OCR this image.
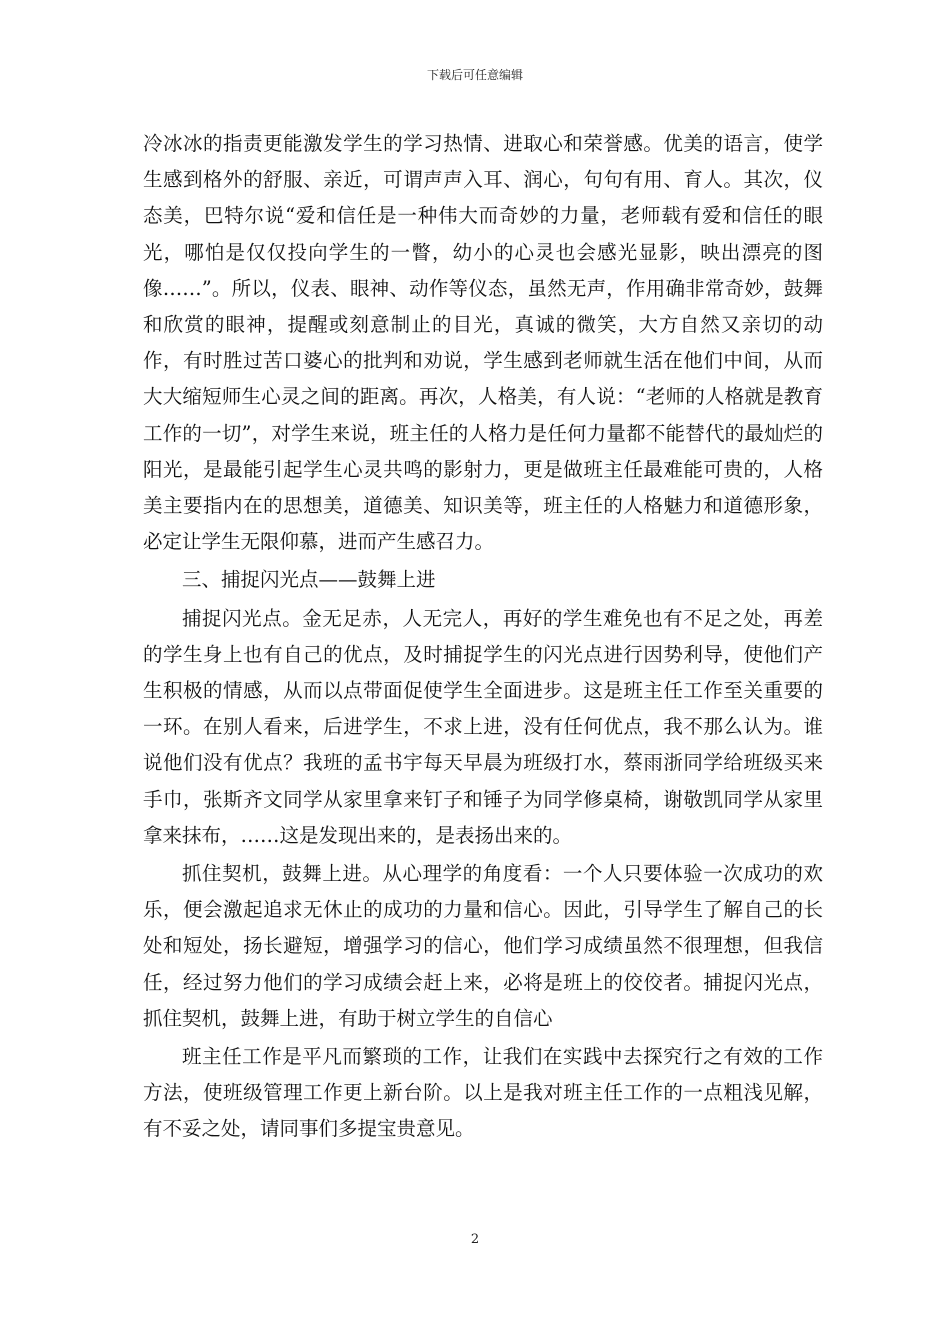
下载后可任意编辑

冷冰冰的指责更能激发学生的学习热情、进取心和荣誉感。优美的语言，使学生感到格外的舒服、亲近，可谓声声入耳、润心，句句有用、育人。其次，仪态美，巴特尔说“爱和信任是一种伟大而奇妙的力量，老师载有爱和信任的眼光，哪怕是仅仅投向学生的一瞥，幼小的心灵也会感光显影，映出漂亮的图像……”。所以，仪表、眼神、动作等仪态，虽然无声，作用确非常奇妙，鼓舞和欣赏的眼神，提醒或刻意制止的目光，真诚的微笑，大方自然又亲切的动作，有时胜过苦口婆心的批判和劝说，学生感到老师就生活在他们中间，从而大大缩短师生心灵之间的距离。再次，人格美，有人说：“老师的人格就是教育工作的一切”，对学生来说，班主任的人格力是任何力量都不能替代的最灿烂的阳光，是最能引起学生心灵共鸣的影射力，更是做班主任最难能可贵的，人格美主要指内在的思想美，道德美、知识美等，班主任的人格魅力和道德形象，必定让学生无限仰慕，进而产生感召力。

三、捕捉闪光点——鼓舞上进

捕捉闪光点。金无足赤，人无完人，再好的学生难免也有不足之处，再差的学生身上也有自己的优点，及时捕捉学生的闪光点进行因势利导，使他们产生积极的情感，从而以点带面促使学生全面进步。这是班主任工作至关重要的一环。在别人看来，后进学生，不求上进，没有任何优点，我不那么认为。谁说他们没有优点？我班的孟书宇每天早晨为班级打水，蔡雨浙同学给班级买来手巾，张斯齐文同学从家里拿来钉子和锤子为同学修桌椅，谢敬凯同学从家里拿来抹布，……这是发现出来的，是表扬出来的。

抓住契机，鼓舞上进。从心理学的角度看：一个人只要体验一次成功的欢乐，便会激起追求无休止的成功的力量和信心。因此，引导学生了解自己的长处和短处，扬长避短，增强学习的信心，他们学习成绩虽然不很理想，但我信任，经过努力他们的学习成绩会赶上来，必将是班上的佼佼者。捕捉闪光点，抓住契机，鼓舞上进，有助于树立学生的自信心

班主任工作是平凡而繁琐的工作，让我们在实践中去探究行之有效的工作方法，使班级管理工作更上新台阶。以上是我对班主任工作的一点粗浅见解，有不妥之处，请同事们多提宝贵意见。

2
